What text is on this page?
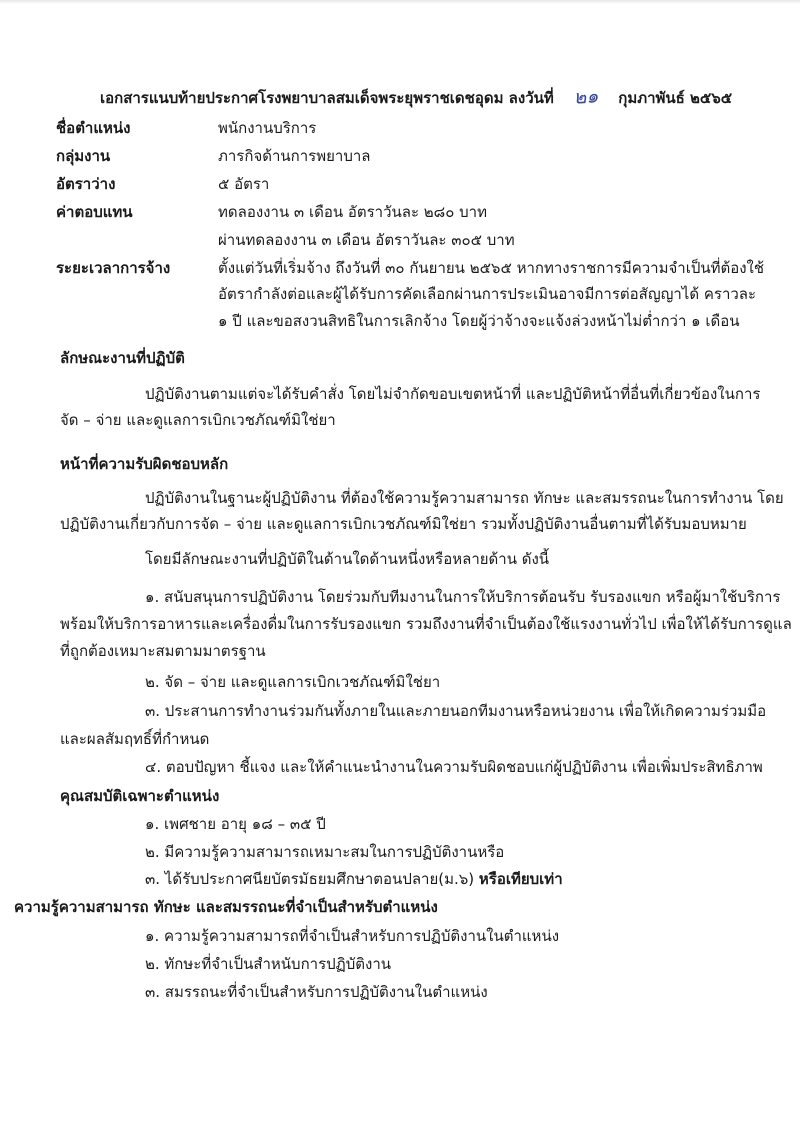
เอกสารแนบท้ายประกาศโรงพยาบาลสมเด็จพระยุพราชเดชอุดม ลงวันที่ ๒๑ กุมภาพันธ์ ๒๕๖๕
ชื่อตำแหน่ง	พนักงานบริการ
กลุ่มงาน	ภารกิจด้านการพยาบาล
อัตราว่าง	๕ อัตรา
ค่าตอบแทน	ทดลองงาน ๓ เดือน อัตราวันละ ๒๘๐ บาท
ผ่านทดลองงาน ๓ เดือน อัตราวันละ ๓๐๕ บาท
ระยะเวลาการจ้าง	ตั้งแต่วันที่เริ่มจ้าง ถึงวันที่ ๓๐ กันยายน ๒๕๖๕ หากทางราชการมีความจำเป็นที่ต้องใช้
อัตรากำลังต่อและผู้ได้รับการคัดเลือกผ่านการประเมินอาจมีการต่อสัญญาได้ คราวละ
๑ ปี และขอสงวนสิทธิในการเลิกจ้าง โดยผู้ว่าจ้างจะแจ้งล่วงหน้าไม่ต่ำกว่า ๑ เดือน
ลักษณะงานที่ปฏิบัติ
ปฏิบัติงานตามแต่จะได้รับคำสั่ง โดยไม่จำกัดขอบเขตหน้าที่ และปฏิบัติหน้าที่อื่นที่เกี่ยวข้องในการ
จัด – จ่าย และดูแลการเบิกเวชภัณฑ์มิใช่ยา
หน้าที่ความรับผิดชอบหลัก
ปฏิบัติงานในฐานะผู้ปฏิบัติงาน ที่ต้องใช้ความรู้ความสามารถ ทักษะ และสมรรถนะในการทำงาน โดย
ปฏิบัติงานเกี่ยวกับการจัด – จ่าย และดูแลการเบิกเวชภัณฑ์มิใช่ยา รวมทั้งปฏิบัติงานอื่นตามที่ได้รับมอบหมาย
โดยมีลักษณะงานที่ปฏิบัติในด้านใดด้านหนึ่งหรือหลายด้าน ดังนี้
๑. สนับสนุนการปฏิบัติงาน โดยร่วมกับทีมงานในการให้บริการต้อนรับ รับรองแขก หรือผู้มาใช้บริการ
พร้อมให้บริการอาหารและเครื่องดื่มในการรับรองแขก รวมถึงงานที่จำเป็นต้องใช้แรงงานทั่วไป เพื่อให้ได้รับการดูแล
ที่ถูกต้องเหมาะสมตามมาตรฐาน
๒. จัด – จ่าย และดูแลการเบิกเวชภัณฑ์มิใช่ยา
๓. ประสานการทำงานร่วมกันทั้งภายในและภายนอกทีมงานหรือหน่วยงาน เพื่อให้เกิดความร่วมมือ
และผลสัมฤทธิ์ที่กำหนด
๔. ตอบปัญหา ชี้แจง และให้คำแนะนำงานในความรับผิดชอบแก่ผู้ปฏิบัติงาน เพื่อเพิ่มประสิทธิภาพ
คุณสมบัติเฉพาะตำแหน่ง
๑. เพศชาย อายุ ๑๘ – ๓๕ ปี
๒. มีความรู้ความสามารถเหมาะสมในการปฏิบัติงานหรือ
๓. ได้รับประกาศนียบัตรมัธยมศึกษาตอนปลาย(ม.๖) หรือเทียบเท่า
ความรู้ความสามารถ ทักษะ และสมรรถนะที่จำเป็นสำหรับตำแหน่ง
๑. ความรู้ความสามารถที่จำเป็นสำหรับการปฏิบัติงานในตำแหน่ง
๒. ทักษะที่จำเป็นสำหนับการปฏิบัติงาน
๓. สมรรถนะที่จำเป็นสำหรับการปฏิบัติงานในตำแหน่ง
